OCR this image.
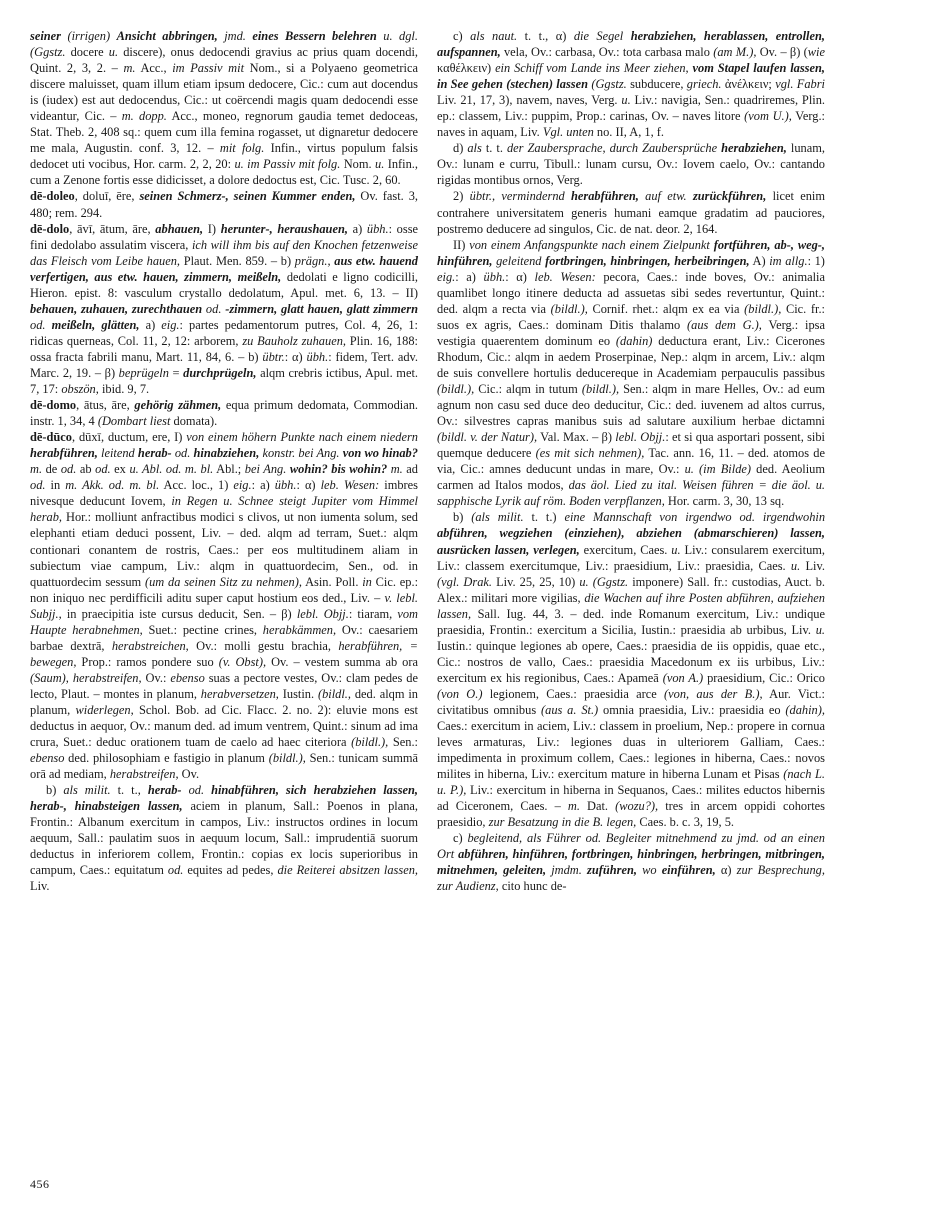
seiner (irrigen) Ansicht abbringen, jmd. eines Bessern belehren u. dgl. (Ggstz. docere u. discere), onus dedocendi gravius ac prius quam docendi, Quint. 2, 3, 2. – m. Acc., im Passiv mit Nom., si a Polyaeno geometrica discere maluisset, quam illum etiam ipsum dedocere, Cic.: cum aut docendus is (iudex) est aut dedocendus, Cic.: ut coërcendi magis quam dedocendi esse videantur, Cic. – m. dopp. Acc., moneo, regnorum gaudia temet dedoceas, Stat. Theb. 2, 408 sq.: quem cum illa femina rogasset, ut dignaretur dedocere me mala, Augustin. conf. 3, 12. – mit folg. Infin., virtus populum falsis dedocet uti vocibus, Hor. carm. 2, 2, 20: u. im Passiv mit folg. Nom. u. Infin., cum a Zenone fortis esse didicisset, a dolore dedoctus est, Cic. Tusc. 2, 60.

dē-doleo, doluī, ēre, seinen Schmerz-, seinen Kummer enden, Ov. fast. 3, 480; rem. 294.

dē-dolo, āvī, ātum, āre, abhauen, I) herunter-, heraushauen, a) übh.: osse fini dedolabo assulatim viscera, ich will ihm bis auf den Knochen fetzenweise das Fleisch vom Leibe hauen, Plaut. Men. 859. – b) prägn., aus etw. hauend verfertigen, aus etw. hauen, zimmern, meißeln, dedolati e ligno codicilli, Hieron. epist. 8: vasculum crystallo dedolatum, Apul. met. 6, 13. – II) behauen, zuhauen, zurechthauen od. -zimmern, glatt hauen, glatt zimmern od. meißeln, glätten, a) eig.: partes pedamentorum putres, Col. 4, 26, 1: ridicas querneas, Col. 11, 2, 12: arborem, zu Bauholz zuhauen, Plin. 16, 188: ossa fracta fabrili manu, Mart. 11, 84, 6. – b) übtr.: α) übh.: fidem, Tert. adv. Marc. 2, 19. – β) beprügeln = durchprügeln, alqm crebris ictibus, Apul. met. 7, 17: obszön, ibid. 9, 7.

dē-domo, ātus, āre, gehörig zähmen, equa primum dedomata, Commodian. instr. 1, 34, 4 (Dombart liest domata).

dē-dūco, dūxī, ductum, ere, I) von einem höhern Punkte nach einem niedern herabführen, leitend herab- od. hinabziehen, konstr. bei Ang. von wo hinab? m. de od. ab od. ex u. Abl. od. m. bl. Abl.; bei Ang. wohin? bis wohin? m. ad od. in m. Akk. od. m. bl. Acc. loc., 1) eig.: a) übh.: α) leb. Wesen: imbres nivesque deducunt Iovem, in Regen u. Schnee steigt Jupiter vom Himmel herab, Hor.: molliunt anfractibus modici s clivos, ut non iumenta solum, sed elephanti etiam deduci possent, Liv. – ded. alqm ad terram, Suet.: alqm contionari conantem de rostris, Caes.: per eos multitudinem aliam in subiectum viae campum, Liv.: alqm in quattuordecim, Sen., od. in quattuordecim sessum (um da seinen Sitz zu nehmen), Asin. Poll. in Cic. ep.: non iniquo nec perdifficili aditu super caput hostium eos ded., Liv. – v. lebl. Subjj., in praecipitia iste cursus deducit, Sen. – β) lebl. Objj.: tiaram, vom Haupte herabnehmen, Suet.: pectine crines, herabkämmen, Ov.: caesariem barbae dextrā, herabstreichen, Ov.: molli gestu brachia, herabführen, = bewegen, Prop.: ramos pondere suo (v. Obst), Ov. – vestem summa ab ora (Saum), herabstreifen, Ov.: ebenso suas a pectore vestes, Ov.: clam pedes de lecto, Plaut. – montes in planum, herabversetzen, Iustin. (bildl., ded. alqm in planum, widerlegen, Schol. Bob. ad Cic. Flacc. 2. no. 2): eluvie mons est deductus in aequor, Ov.: manum ded. ad imum ventrem, Quint.: sinum ad ima crura, Suet.: deduc orationem tuam de caelo ad haec citeriora (bildl.), Sen.: ebenso ded. philosophiam e fastigio in planum (bildl.), Sen.: tunicam summā orā ad mediam, herabstreifen, Ov.

b) als milit. t. t., herab- od. hinabführen, sich herabziehen lassen, herab-, hinabsteigen lassen, aciem in planum, Sall.: Poenos in plana, Frontin.: Albanum exercitum in campos, Liv.: instructos ordines in locum aequum, Sall.: paulatim suos in aequum locum, Sall.: imprudentiā suorum deductus in inferiorem collem, Frontin.: copias ex locis superioribus in campum, Caes.: equitatum od. equites ad pedes, die Reiterei absitzen lassen, Liv.

c) als naut. t. t., α) die Segel herabziehen, herablassen, entrollen, aufspannen, vela, Ov.: carbasa, Ov.: tota carbasa malo (am M.), Ov. – β) (wie καθέλκειν) ein Schiff vom Lande ins Meer ziehen, vom Stapel laufen lassen, in See gehen (stechen) lassen (Ggstz. subducere, griech. ἀνέλκειν; vgl. Fabri Liv. 21, 17, 3), navem, naves, Verg. u. Liv.: navigia, Sen.: quadriremes, Plin. ep.: classem, Liv.: puppim, Prop.: carinas, Ov. – naves litore (vom U.), Verg.: naves in aquam, Liv. Vgl. unten no. II, A, 1, f.

d) als t. t. der Zaubersprache, durch Zaubersprüche herabziehen, lunam, Ov.: lunam e curru, Tibull.: lunam cursu, Ov.: Iovem caelo, Ov.: cantando rigidas montibus ornos, Verg.

2) übtr., vermindernd herabführen, auf etw. zurückführen, licet enim contrahere universitatem generis humani eamque gradatim ad pauciores, postremo deducere ad singulos, Cic. de nat. deor. 2, 164.

II) von einem Anfangspunkte nach einem Zielpunkt fortführen, ab-, weg-, hinführen, geleitend fortbringen, hinbringen, herbeibringen, A) im allg.: 1) eig.: a) übh.: α) leb. Wesen: pecora, Caes.: inde boves, Ov.: animalia quamlibet longo itinere deducta ad assuetas sibi sedes revertuntur, Quint.: ded. alqm a recta via (bildl.), Cornif. rhet.: alqm ex ea via (bildl.), Cic. fr.: suos ex agris, Caes.: dominam Ditis thalamo (aus dem G.), Verg.: ipsa vestigia quaerentem dominum eo (dahin) deductura erant, Liv.: Cicerones Rhodum, Cic.: alqm in aedem Proserpinae, Nep.: alqm in arcem, Liv.: alqm de suis convellere hortulis deducereque in Academiam perpauculis passibus (bildl.), Cic.: alqm in tutum (bildl.), Sen.: alqm in mare Helles, Ov.: ad eum agnum non casu sed duce deo deducitur, Cic.: ded. iuvenem ad altos currus, Ov.: silvestres capras manibus suis ad salutare auxilium herbae dictamni (bildl. v. der Natur), Val. Max. – β) lebl. Objj.: et si qua asportari possent, sibi quemque deducere (es mit sich nehmen), Tac. ann. 16, 11. – ded. atomos de via, Cic.: amnes deducunt undas in mare, Ov.: u. (im Bilde) ded. Aeolium carmen ad Italos modos, das äol. Lied zu ital. Weisen führen = die äol. u. sapphische Lyrik auf röm. Boden verpflanzen, Hor. carm. 3, 30, 13 sq.

b) (als milit. t. t.) eine Mannschaft von irgendwo od. irgendwohin abführen, wegziehen (einziehen), abziehen (abmarschieren) lassen, ausrücken lassen, verlegen, exercitum, Caes. u. Liv.: consularem exercitum, Liv.: classem exercitumque, Liv.: praesidium, Liv.: praesidia, Caes. u. Liv. (vgl. Drak. Liv. 25, 25, 10) u. (Ggstz. imponere) Sall. fr.: custodias, Auct. b. Alex.: militari more vigilias, die Wachen auf ihre Posten abführen, aufziehen lassen, Sall. Iug. 44, 3. – ded. inde Romanum exercitum, Liv.: undique praesidia, Frontin.: exercitum a Sicilia, Iustin.: praesidia ab urbibus, Liv. u. Iustin.: quinque legiones ab opere, Caes.: praesidia de iis oppidis, quae etc., Cic.: nostros de vallo, Caes.: praesidia Macedonum ex iis urbibus, Liv.: exercitum ex his regionibus, Caes.: Apameā (von A.) praesidium, Cic.: Orico (von O.) legionem, Caes.: praesidia arce (von, aus der B.), Aur. Vict.: civitatibus omnibus (aus a. St.) omnia praesidia, Liv.: praesidia eo (dahin), Caes.: exercitum in aciem, Liv.: classem in proelium, Nep.: propere in cornua leves armaturas, Liv.: legiones duas in ulteriorem Galliam, Caes.: impedimenta in proximum collem, Caes.: legiones in hiberna, Caes.: novos milites in hiberna, Liv.: exercitum mature in hiberna Lunam et Pisas (nach L. u. P.), Liv.: exercitum in hiberna in Sequanos, Caes.: milites eductos hibernis ad Ciceronem, Caes. – m. Dat. (wozu?), tres in arcem oppidi cohortes praesidio, zur Besatzung in die B. legen, Caes. b. c. 3, 19, 5.

c) begleitend, als Führer od. Begleiter mitnehmend zu jmd. od an einen Ort abführen, hinführen, fortbringen, hinbringen, herbringen, mitbringen, mitnehmen, geleiten, jmdm. zuführen, wo einführen, α) zur Besprechung, zur Audienz, cito hunc de-

456
